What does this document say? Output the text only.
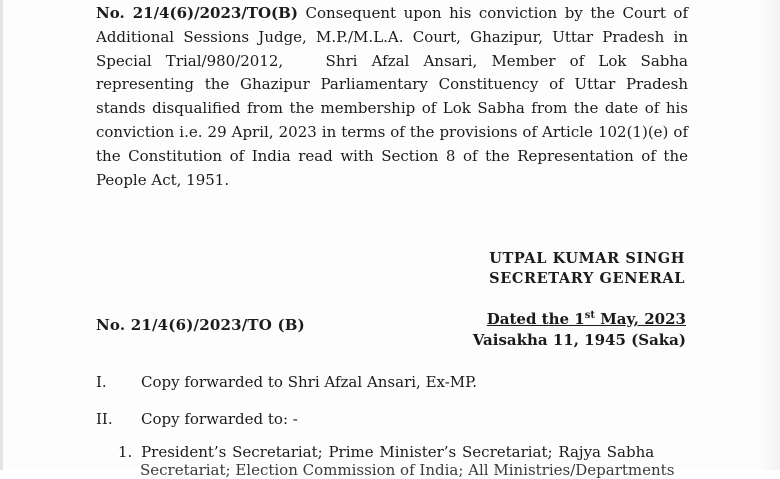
No. 21/4(6)/2023/TO(B) Consequent upon his conviction by the Court of
Additional Sessions Judge, M.P./M.L.A. Court, Ghazipur, Uttar Pradesh in
Special Trial/980/2012,   Shri Afzal Ansari, Member of Lok Sabha
representing the Ghazipur Parliamentary Constituency of Uttar Pradesh
stands disqualified from the membership of Lok Sabha from the date of his
conviction i.e. 29 April, 2023 in terms of the provisions of Article 102(1)(e) of
the Constitution of India read with Section 8 of the Representation of the
People Act, 1951.
UTPAL KUMAR SINGH
SECRETARY GENERAL
No. 21/4(6)/2023/TO (B)	Dated the 1st May, 2023
Vaisakha 11, 1945 (Saka)
I. Copy forwarded to Shri Afzal Ansari, Ex-MP.
II. Copy forwarded to: -
1. President’s Secretariat; Prime Minister’s Secretariat; Rajya Sabha
Secretariat; Election Commission of India; All Ministries/Departments
